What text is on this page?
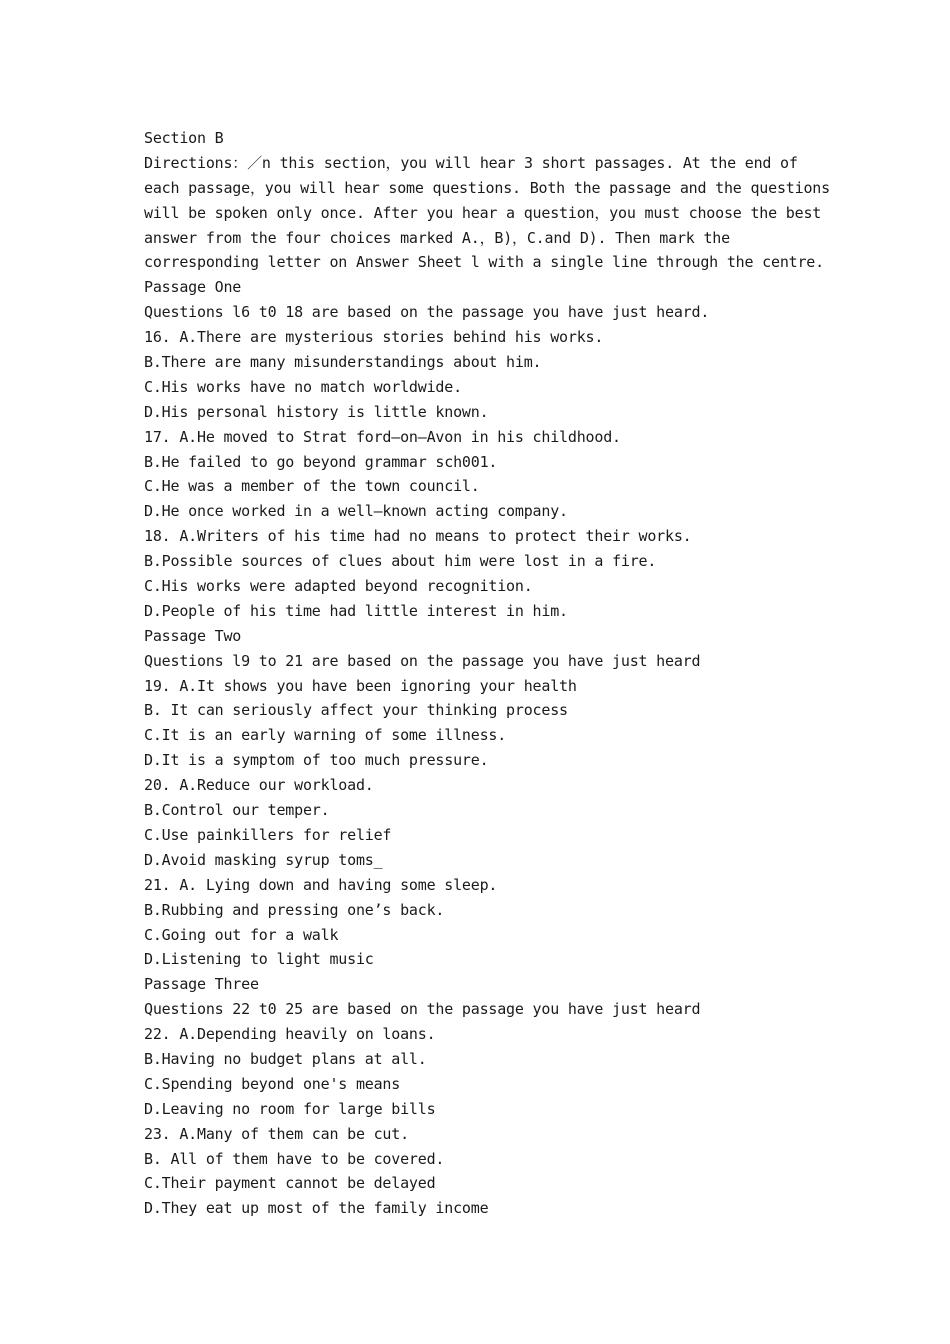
Section B
Directions：／n this section，you will hear 3 short passages. At the end of
each passage，you will hear some questions. Both the passage and the questions
will be spoken only once. After you hear a question，you must choose the best
answer from the four choices marked A.，B)，C.and D). Then mark the
corresponding letter on Answer Sheet l with a single line through the centre.
Passage One
Questions l6 t0 18 are based on the passage you have just heard.
16. A.There are mysterious stories behind his works.
B.There are many misunderstandings about him.
C.His works have no match worldwide.
D.His personal history is little known.
17. A.He moved to Strat ford—on—Avon in his childhood.
B.He failed to go beyond grammar sch001.
C.He was a member of the town council.
D.He once worked in a well—known acting company.
18. A.Writers of his time had no means to protect their works.
B.Possible sources of clues about him were lost in a fire.
C.His works were adapted beyond recognition.
D.People of his time had little interest in him.
Passage Two
Questions l9 to 21 are based on the passage you have just heard
19. A.It shows you have been ignoring your health
B. It can seriously affect your thinking process
C.It is an early warning of some illness.
D.It is a symptom of too much pressure.
20. A.Reduce our workload.
B.Control our temper.
C.Use painkillers for relief
D.Avoid masking syrup toms_
21. A. Lying down and having some sleep.
B.Rubbing and pressing one’s back.
C.Going out for a walk
D.Listening to light music
Passage Three
Questions 22 t0 25 are based on the passage you have just heard
22. A.Depending heavily on loans.
B.Having no budget plans at all.
C.Spending beyond one's means
D.Leaving no room for large bills
23. A.Many of them can be cut.
B. All of them have to be covered.
C.Their payment cannot be delayed
D.They eat up most of the family income
